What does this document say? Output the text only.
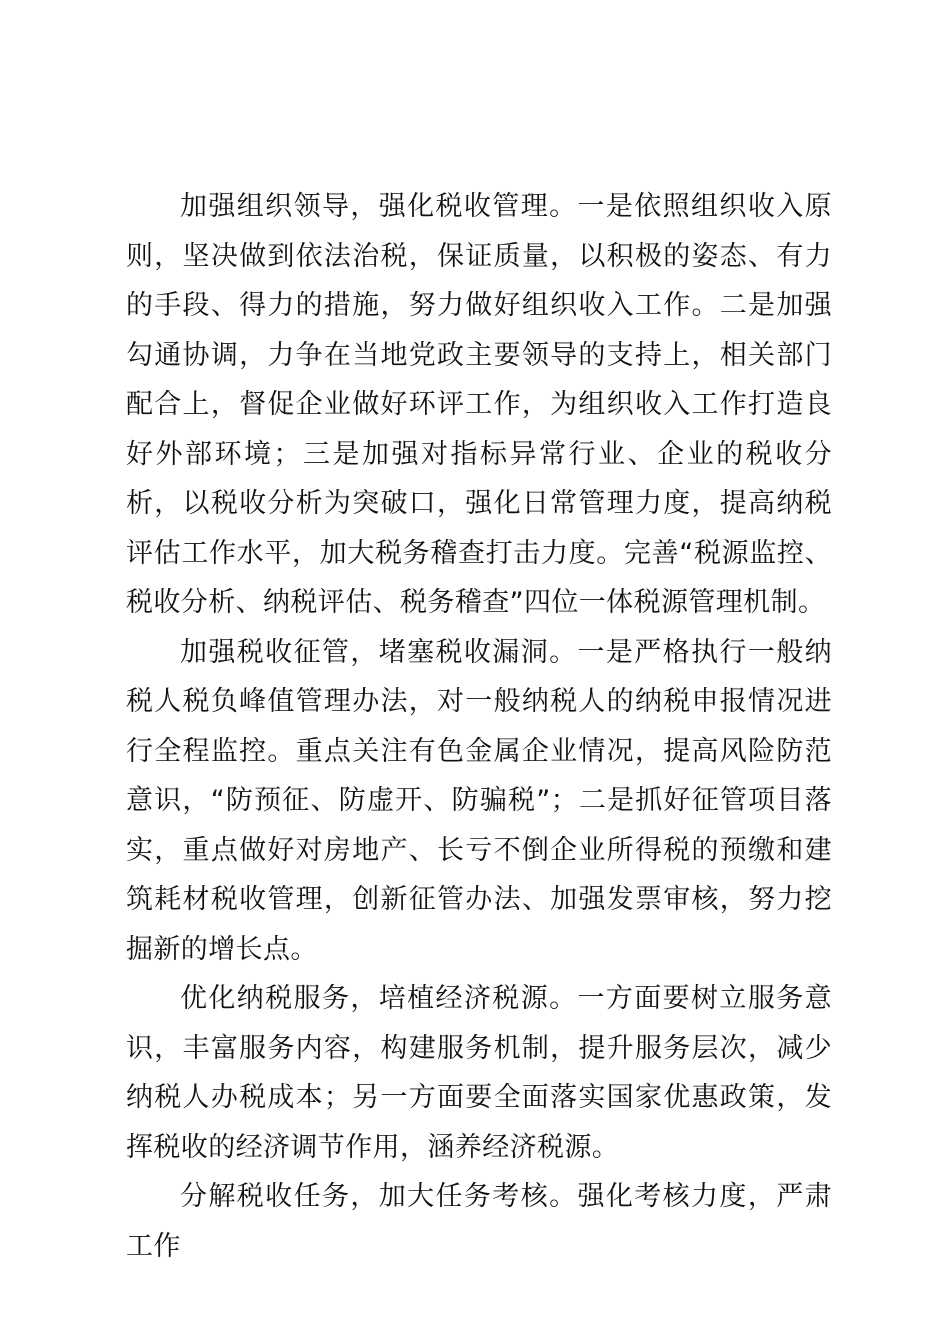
加强组织领导，强化税收管理。一是依照组织收入原则，坚决做到依法治税，保证质量，以积极的姿态、有力的手段、得力的措施，努力做好组织收入工作。二是加强勾通协调，力争在当地党政主要领导的支持上，相关部门配合上，督促企业做好环评工作，为组织收入工作打造良好外部环境；三是加强对指标异常行业、企业的税收分析，以税收分析为突破口，强化日常管理力度，提高纳税评估工作水平，加大税务稽查打击力度。完善“税源监控、税收分析、纳税评估、税务稽查”四位一体税源管理机制。

加强税收征管，堵塞税收漏洞。一是严格执行一般纳税人税负峰值管理办法，对一般纳税人的纳税申报情况进行全程监控。重点关注有色金属企业情况，提高风险防范意识，“防预征、防虚开、防骗税”；二是抓好征管项目落实，重点做好对房地产、长亏不倒企业所得税的预缴和建筑耗材税收管理，创新征管办法、加强发票审核，努力挖掘新的增长点。

优化纳税服务，培植经济税源。一方面要树立服务意识，丰富服务内容，构建服务机制，提升服务层次，减少纳税人办税成本；另一方面要全面落实国家优惠政策，发挥税收的经济调节作用，涵养经济税源。

分解税收任务，加大任务考核。强化考核力度，严肃工作
